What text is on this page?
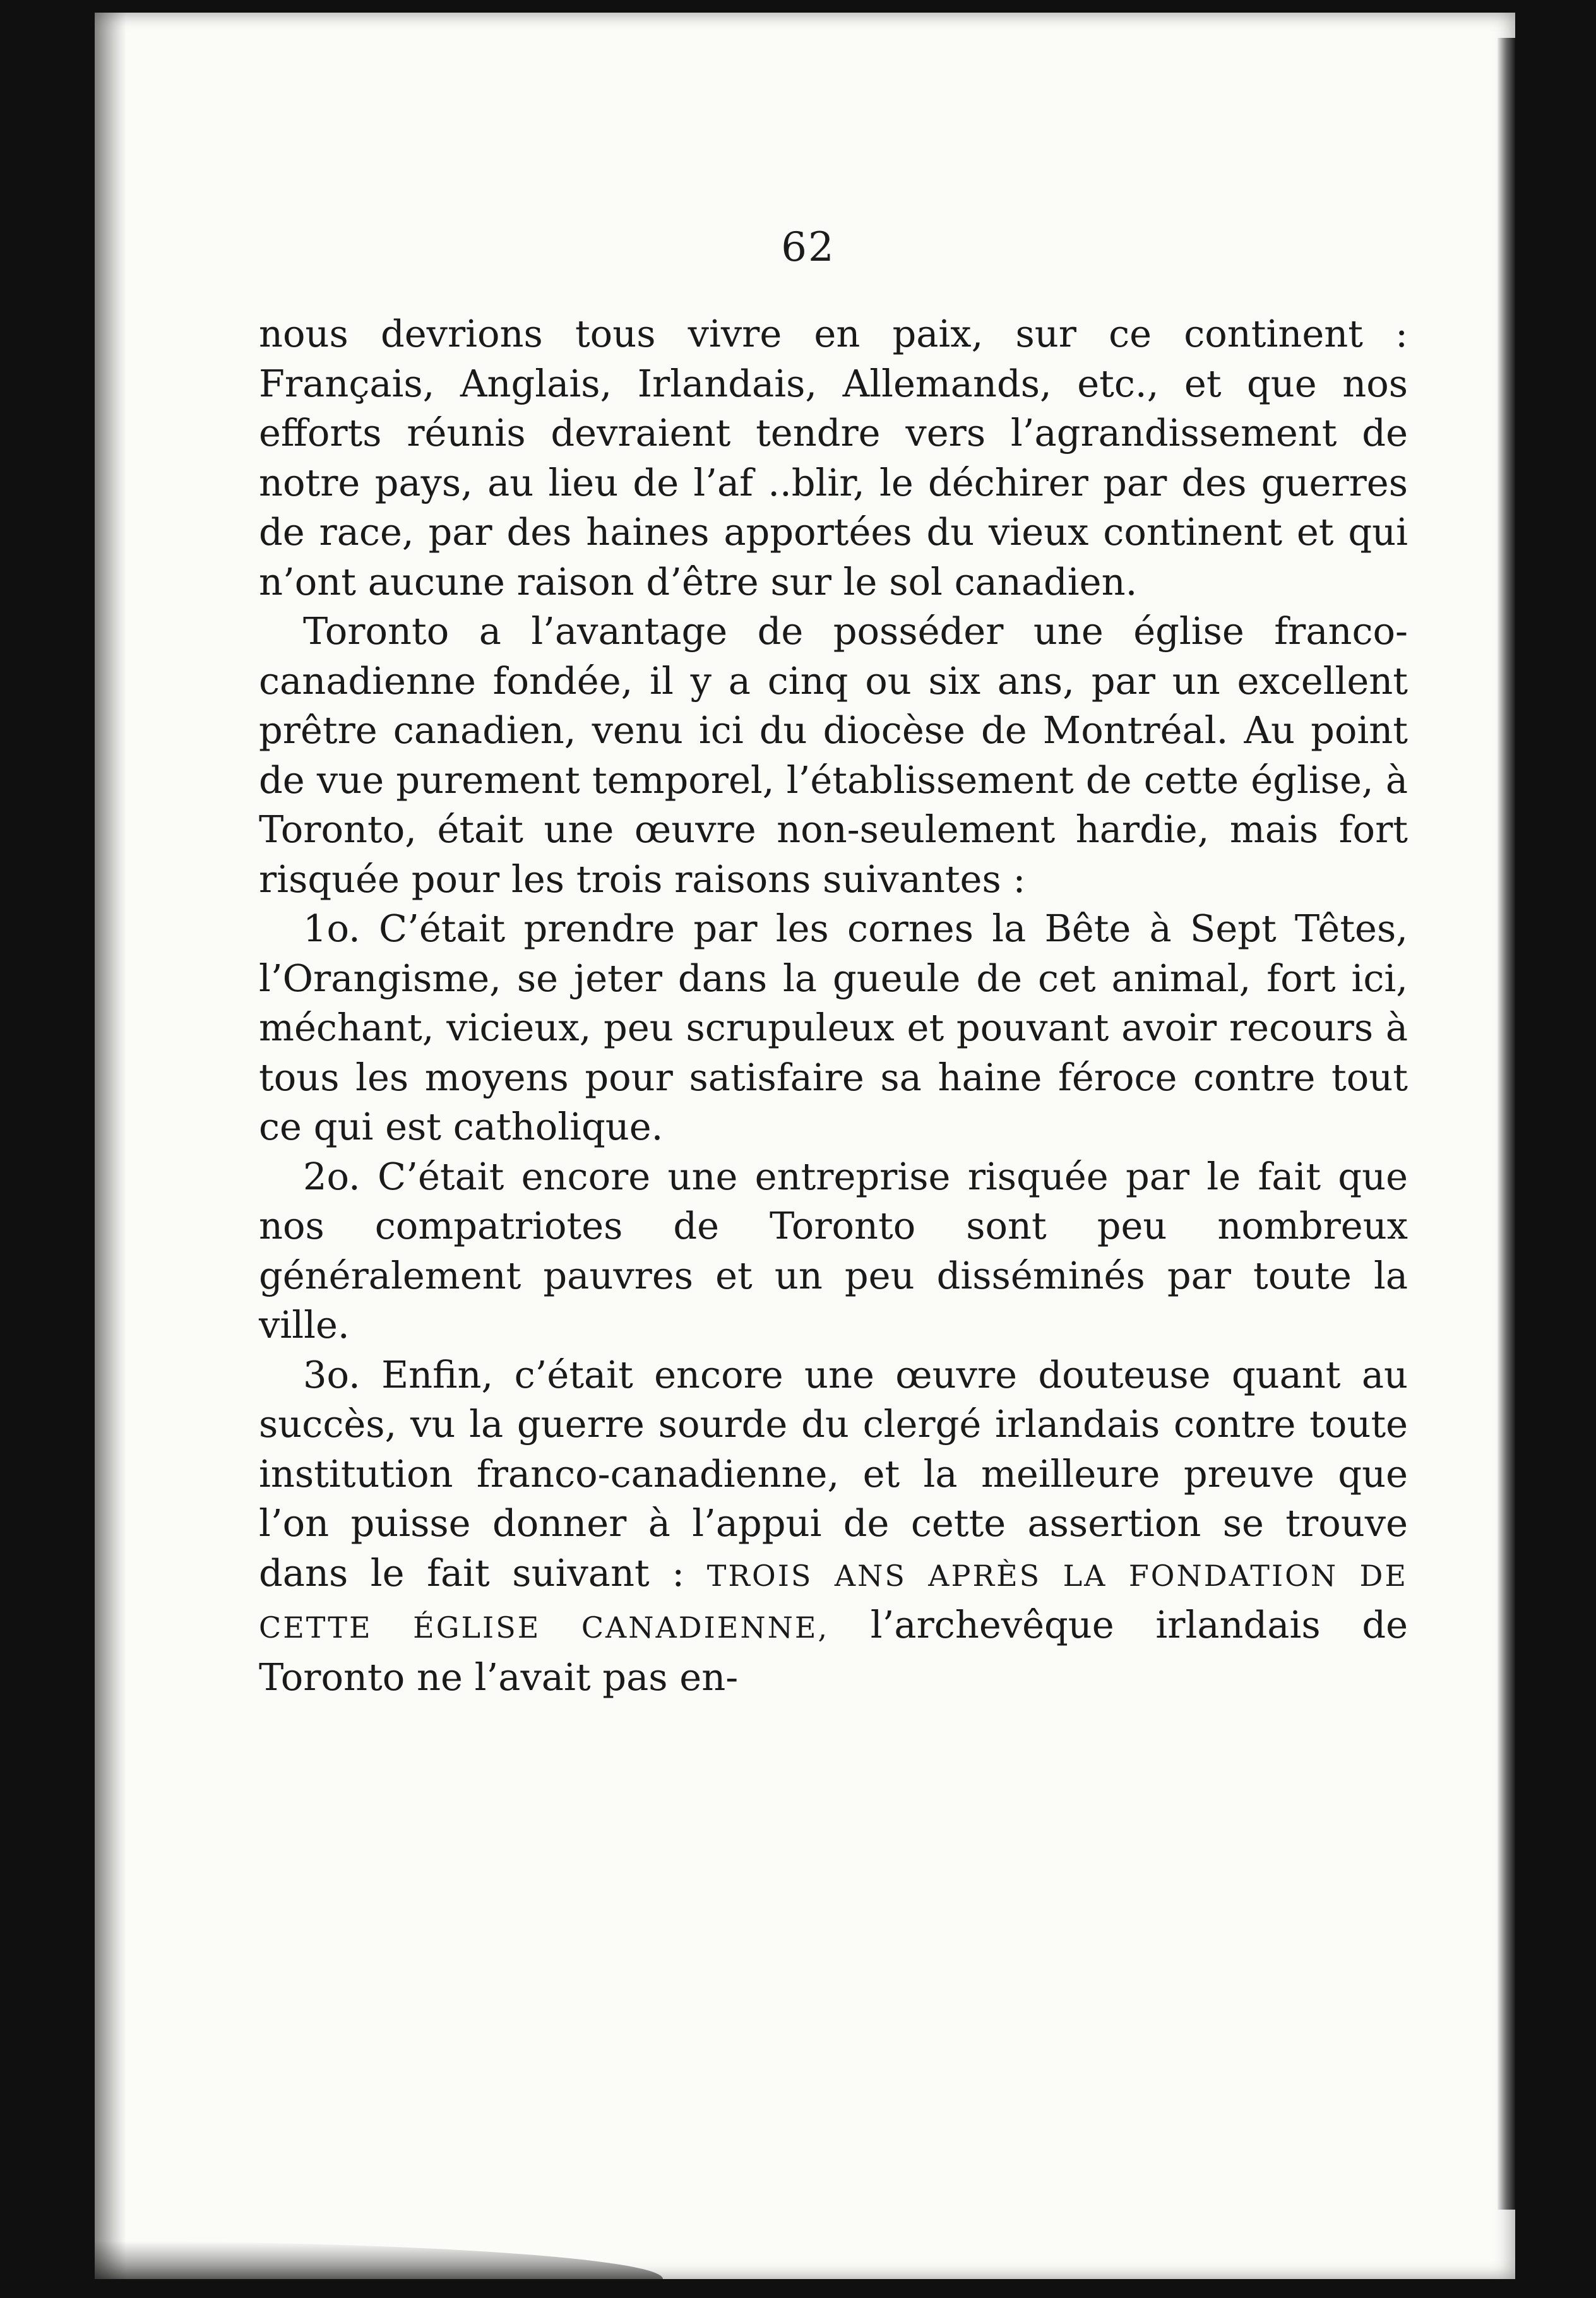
62

nous devrions tous vivre en paix, sur ce continent : Français, Anglais, Irlandais, Allemands, etc., et que nos efforts réunis devraient tendre vers l’agrandissement de notre pays, au lieu de l’af ..blir, le déchirer par des guerres de race, par des haines apportées du vieux continent et qui n’ont aucune raison d’être sur le sol canadien.

Toronto a l’avantage de posséder une église franco-canadienne fondée, il y a cinq ou six ans, par un excellent prêtre canadien, venu ici du diocèse de Montréal. Au point de vue purement temporel, l’établissement de cette église, à Toronto, était une œuvre non-seulement hardie, mais fort risquée pour les trois raisons suivantes :

1o. C’était prendre par les cornes la Bête à Sept Têtes, l’Orangisme, se jeter dans la gueule de cet animal, fort ici, méchant, vicieux, peu scrupuleux et pouvant avoir recours à tous les moyens pour satisfaire sa haine féroce contre tout ce qui est catholique.

2o. C’était encore une entreprise risquée par le fait que nos compatriotes de Toronto sont peu nombreux généralement pauvres et un peu disséminés par toute la ville.

3o. Enfin, c’était encore une œuvre douteuse quant au succès, vu la guerre sourde du clergé irlandais contre toute institution franco-canadienne, et la meilleure preuve que l’on puisse donner à l’appui de cette assertion se trouve dans le fait suivant : TROIS ANS APRÈS LA FONDATION DE CETTE ÉGLISE CANADIENNE, l’archevêque irlandais de Toronto ne l’avait pas en-
